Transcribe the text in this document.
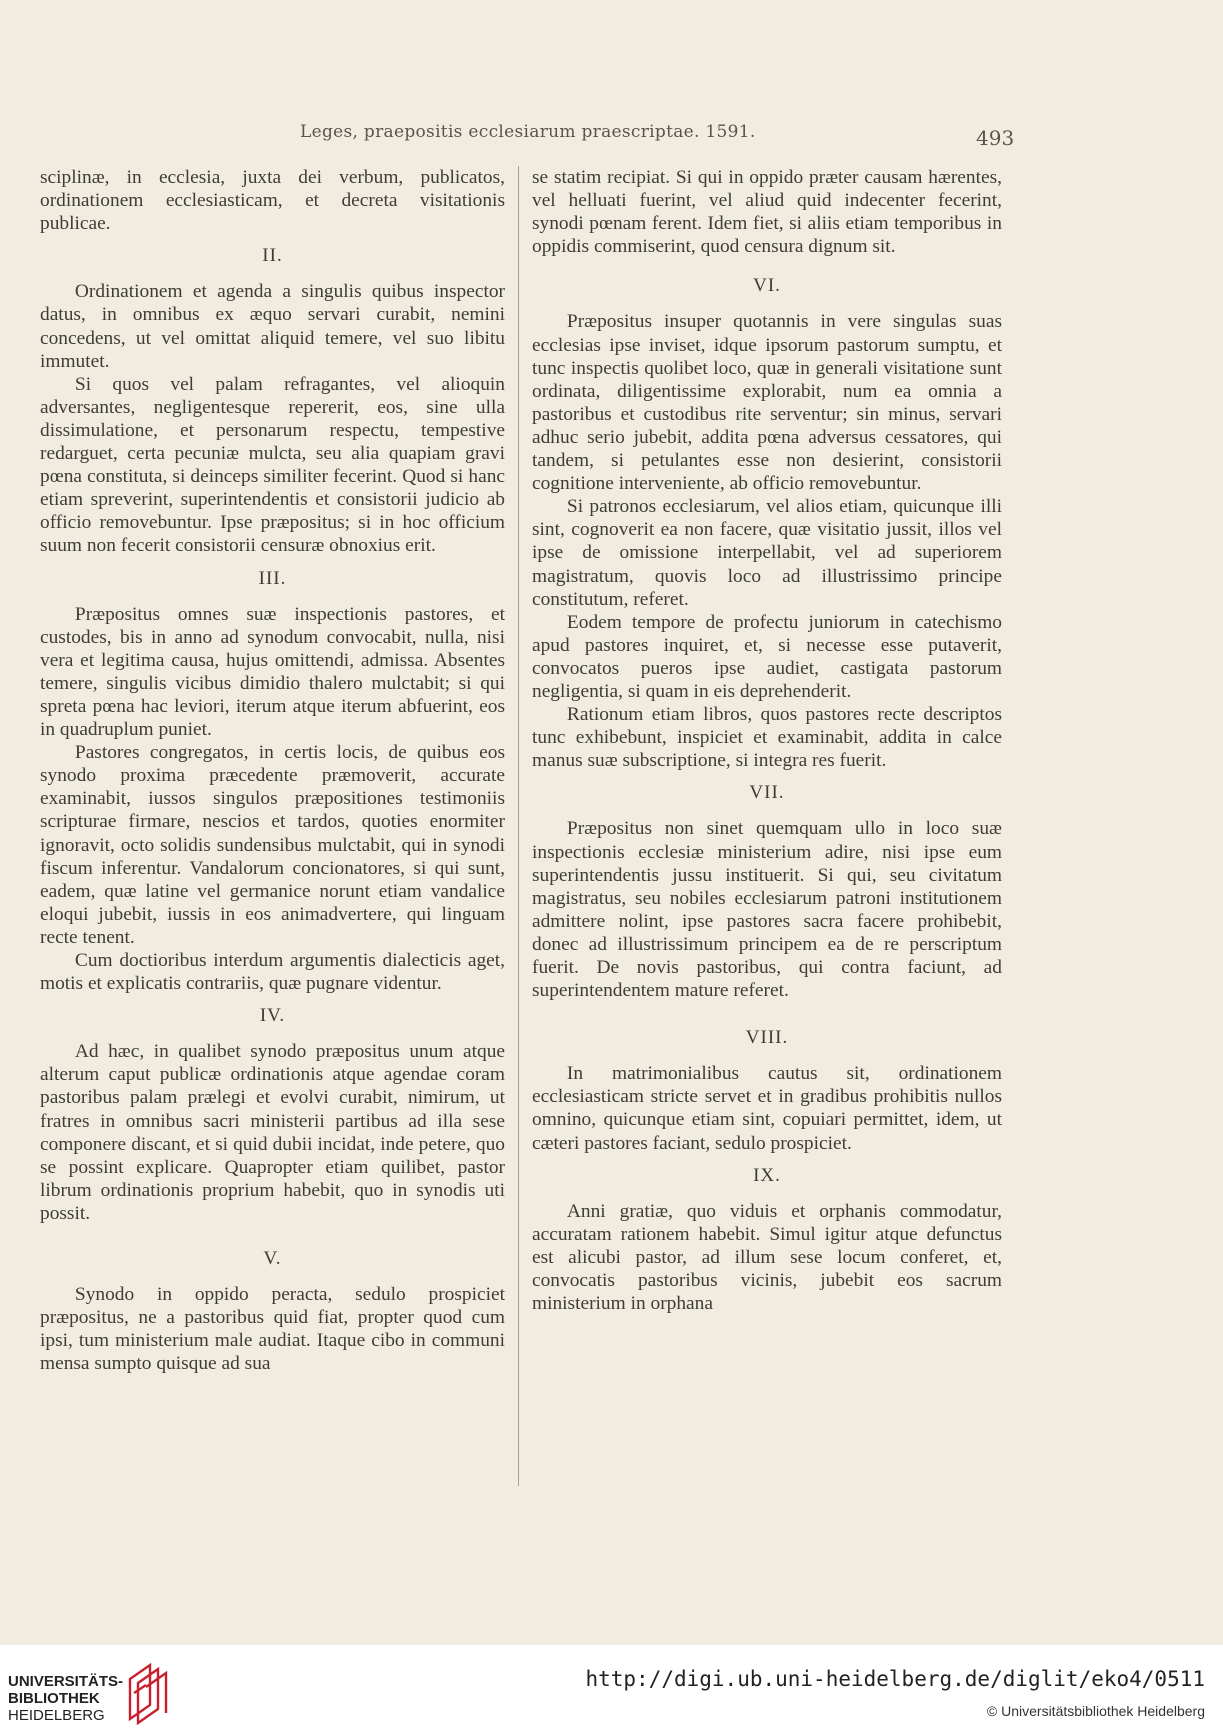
Leges, praepositis ecclesiarum praescriptae. 1591.	493

sciplinæ, in ecclesia, juxta dei verbum, publicatos, ordinationem ecclesiasticam, et decreta visitationis publicae.

II.

Ordinationem et agenda a singulis quibus inspector datus, in omnibus ex æquo servari curabit, nemini concedens, ut vel omittat aliquid temere, vel suo libitu immutet.

Si quos vel palam refragantes, vel alioquin adversantes, negligentesque repererit, eos, sine ulla dissimulatione, et personarum respectu, tempestive redarguet, certa pecuniæ mulcta, seu alia quapiam gravi pœna constituta, si deinceps similiter fecerint. Quod si hanc etiam spreverint, superintendentis et consistorii judicio ab officio removebuntur. Ipse præpositus; si in hoc officium suum non fecerit consistorii censuræ obnoxius erit.

III.

Præpositus omnes suæ inspectionis pastores, et custodes, bis in anno ad synodum convocabit, nulla, nisi vera et legitima causa, hujus omittendi, admissa. Absentes temere, singulis vicibus dimidio thalero mulctabit; si qui spreta pœna hac leviori, iterum atque iterum abfuerint, eos in quadruplum puniet.

Pastores congregatos, in certis locis, de quibus eos synodo proxima præcedente præmoverit, accurate examinabit, iussos singulos præpositiones testimoniis scripturae firmare, nescios et tardos, quoties enormiter ignoravit, octo solidis sundensibus mulctabit, qui in synodi fiscum inferentur. Vandalorum concionatores, si qui sunt, eadem, quæ latine vel germanice norunt etiam vandalice eloqui jubebit, iussis in eos animadvertere, qui linguam recte tenent.

Cum doctioribus interdum argumentis dialecticis aget, motis et explicatis contrariis, quæ pugnare videntur.

IV.

Ad hæc, in qualibet synodo præpositus unum atque alterum caput publicæ ordinationis atque agendae coram pastoribus palam prælegi et evolvi curabit, nimirum, ut fratres in omnibus sacri ministerii partibus ad illa sese componere discant, et si quid dubii incidat, inde petere, quo se possint explicare. Quapropter etiam quilibet, pastor librum ordinationis proprium habebit, quo in synodis uti possit.

V.

Synodo in oppido peracta, sedulo prospiciet præpositus, ne a pastoribus quid fiat, propter quod cum ipsi, tum ministerium male audiat. Itaque cibo in communi mensa sumpto quisque ad sua

se statim recipiat. Si qui in oppido præter causam hærentes, vel helluati fuerint, vel aliud quid indecenter fecerint, synodi pœnam ferent. Idem fiet, si aliis etiam temporibus in oppidis commiserint, quod censura dignum sit.

VI.

Præpositus insuper quotannis in vere singulas suas ecclesias ipse inviset, idque ipsorum pastorum sumptu, et tunc inspectis quolibet loco, quæ in generali visitatione sunt ordinata, diligentissime explorabit, num ea omnia a pastoribus et custodibus rite serventur; sin minus, servari adhuc serio jubebit, addita pœna adversus cessatores, qui tandem, si petulantes esse non desierint, consistorii cognitione interveniente, ab officio removebuntur.

Si patronos ecclesiarum, vel alios etiam, quicunque illi sint, cognoverit ea non facere, quæ visitatio jussit, illos vel ipse de omissione interpellabit, vel ad superiorem magistratum, quovis loco ad illustrissimo principe constitutum, referet.

Eodem tempore de profectu juniorum in catechismo apud pastores inquiret, et, si necesse esse putaverit, convocatos pueros ipse audiet, castigata pastorum negligentia, si quam in eis deprehenderit.

Rationum etiam libros, quos pastores recte descriptos tunc exhibebunt, inspiciet et examinabit, addita in calce manus suæ subscriptione, si integra res fuerit.

VII.

Præpositus non sinet quemquam ullo in loco suæ inspectionis ecclesiæ ministerium adire, nisi ipse eum superintendentis jussu instituerit. Si qui, seu civitatum magistratus, seu nobiles ecclesiarum patroni institutionem admittere nolint, ipse pastores sacra facere prohibebit, donec ad illustrissimum principem ea de re perscriptum fuerit. De novis pastoribus, qui contra faciunt, ad superintendentem mature referet.

VIII.

In matrimonialibus cautus sit, ordinationem ecclesiasticam stricte servet et in gradibus prohibitis nullos omnino, quicunque etiam sint, copuiari permittet, idem, ut cæteri pastores faciant, sedulo prospiciet.

IX.

Anni gratiæ, quo viduis et orphanis commodatur, accuratam rationem habebit. Simul igitur atque defunctus est alicubi pastor, ad illum sese locum conferet, et, convocatis pastoribus vicinis, jubebit eos sacrum ministerium in orphana

UNIVERSITÄTS-
BIBLIOTHEK
HEIDELBERG
http://digi.ub.uni-heidelberg.de/diglit/eko4/0511
© Universitätsbibliothek Heidelberg
